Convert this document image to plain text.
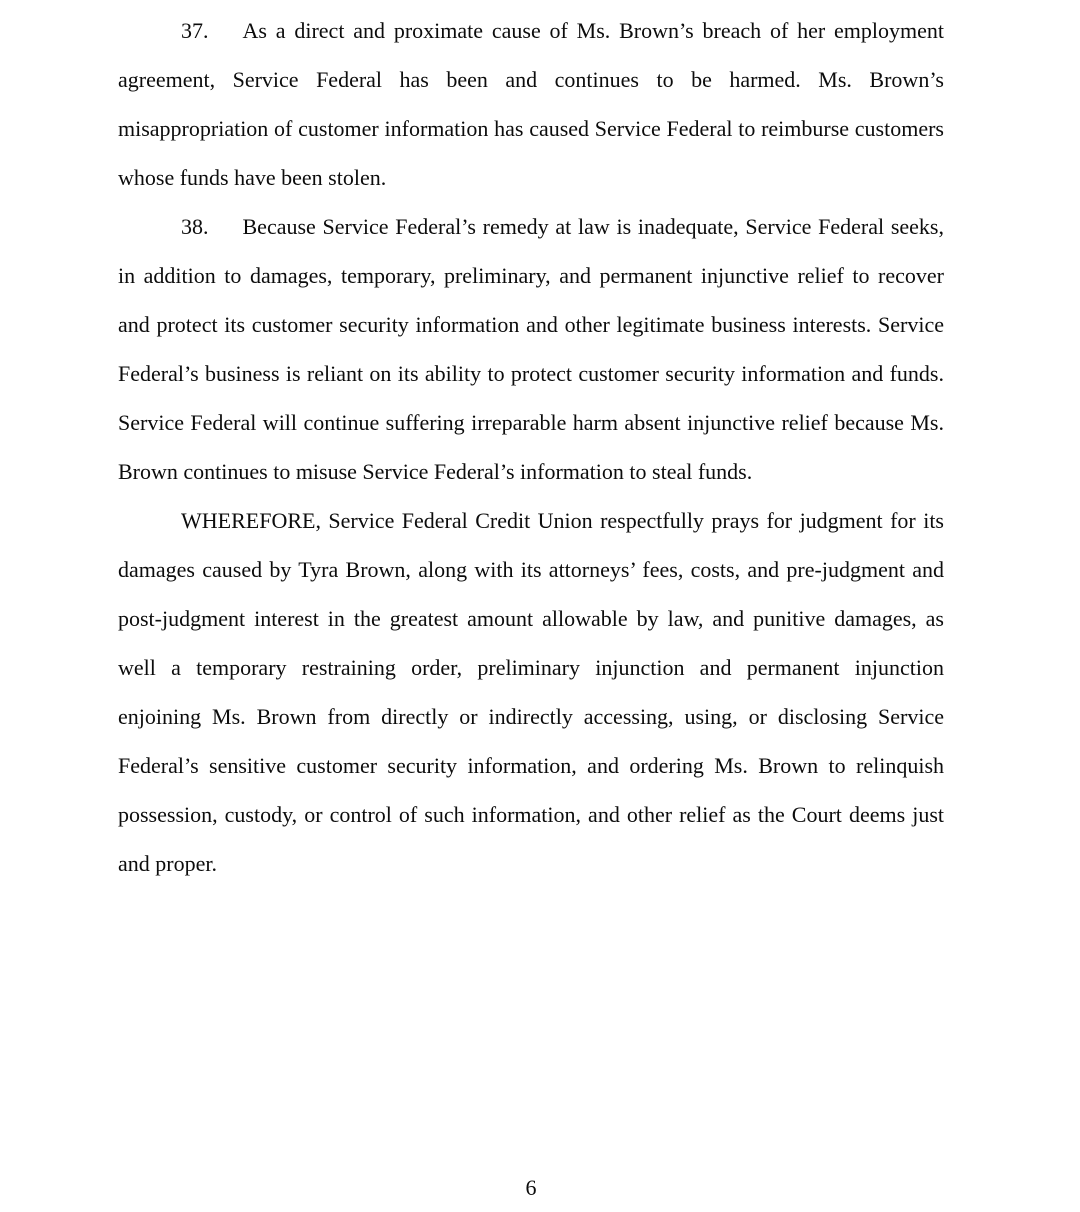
37. As a direct and proximate cause of Ms. Brown’s breach of her employment agreement, Service Federal has been and continues to be harmed. Ms. Brown’s misappropriation of customer information has caused Service Federal to reimburse customers whose funds have been stolen.

38. Because Service Federal’s remedy at law is inadequate, Service Federal seeks, in addition to damages, temporary, preliminary, and permanent injunctive relief to recover and protect its customer security information and other legitimate business interests. Service Federal’s business is reliant on its ability to protect customer security information and funds. Service Federal will continue suffering irreparable harm absent injunctive relief because Ms. Brown continues to misuse Service Federal’s information to steal funds.

WHEREFORE, Service Federal Credit Union respectfully prays for judgment for its damages caused by Tyra Brown, along with its attorneys’ fees, costs, and pre-judgment and post-judgment interest in the greatest amount allowable by law, and punitive damages, as well a temporary restraining order, preliminary injunction and permanent injunction enjoining Ms. Brown from directly or indirectly accessing, using, or disclosing Service Federal’s sensitive customer security information, and ordering Ms. Brown to relinquish possession, custody, or control of such information, and other relief as the Court deems just and proper.

6
